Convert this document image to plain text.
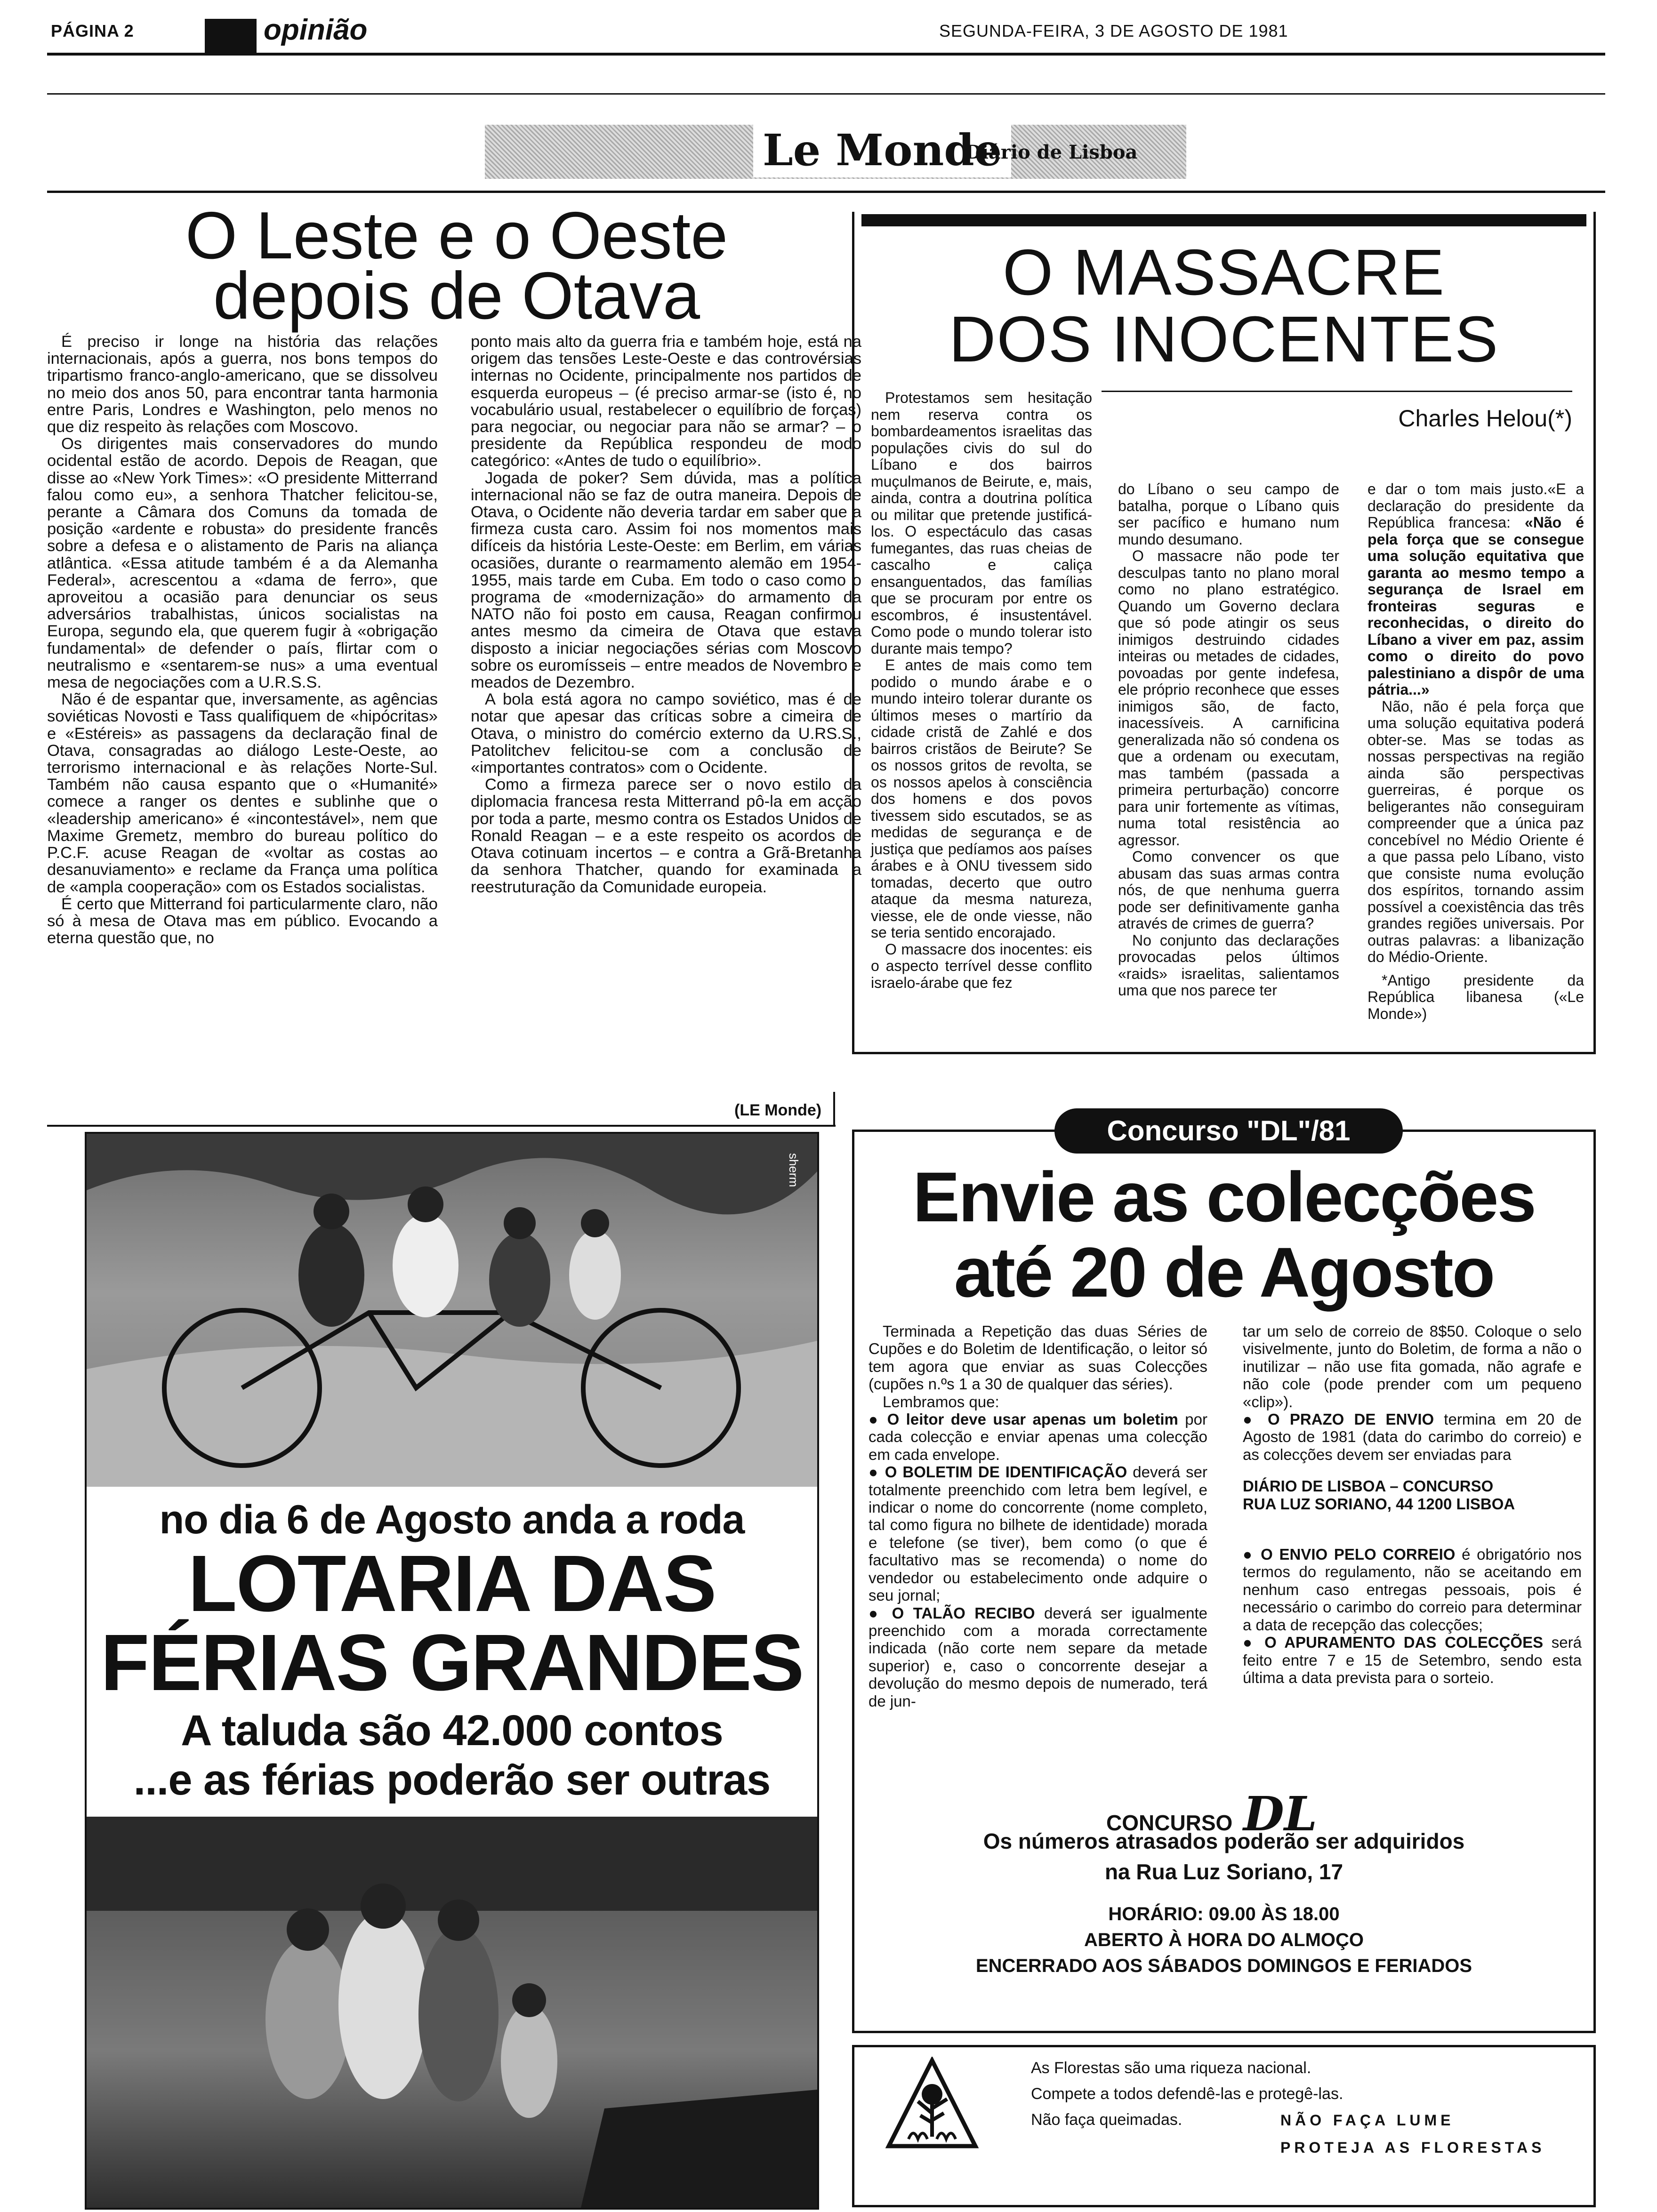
PÁGINA 2	opinião	SEGUNDA-FEIRA, 3 DE AGOSTO DE 1981
Le Monde
Diário de Lisboa
O Leste e o Oeste
depois de Otava

É preciso ir longe na história das relações internacionais, após a guerra, nos bons tempos do tripartismo franco-anglo-americano, que se dissolveu no meio dos anos 50, para encontrar tanta harmonia entre Paris, Londres e Washington, pelo menos no que diz respeito às relações com Moscovo.

Os dirigentes mais conservadores do mundo ocidental estão de acordo. Depois de Reagan, que disse ao «New York Times»: «O presidente Mitterrand falou como eu», a senhora Thatcher felicitou-se, perante a Câmara dos Comuns da tomada de posição «ardente e robusta» do presidente francês sobre a defesa e o alistamento de Paris na aliança atlântica. «Essa atitude também é a da Alemanha Federal», acrescentou a «dama de ferro», que aproveitou a ocasião para denunciar os seus adversários trabalhistas, únicos socialistas na Europa, segundo ela, que querem fugir à «obrigação fundamental» de defender o país, flirtar com o neutralismo e «sentarem-se nus» a uma eventual mesa de negociações com a U.R.S.S.

Não é de espantar que, inversamente, as agências soviéticas Novosti e Tass qualifiquem de «hipócritas» e «Estéreis» as passagens da declaração final de Otava, consagradas ao diálogo Leste-Oeste, ao terrorismo internacional e às relações Norte-Sul. Também não causa espanto que o «Humanité» comece a ranger os dentes e sublinhe que o «leadership americano» é «incontestável», nem que Maxime Gremetz, membro do bureau político do P.C.F. acuse Reagan de «voltar as costas ao desanuviamento» e reclame da França uma política de «ampla cooperação» com os Estados socialistas.

É certo que Mitterrand foi particularmente claro, não só à mesa de Otava mas em público. Evocando a eterna questão que, no

ponto mais alto da guerra fria e também hoje, está na origem das tensões Leste-Oeste e das controvérsias internas no Ocidente, principalmente nos partidos de esquerda europeus – (é preciso armar-se (isto é, no vocabulário usual, restabelecer o equilíbrio de forças) para negociar, ou negociar para não se armar? – o presidente da República respondeu de modo categórico: «Antes de tudo o equilíbrio».

Jogada de poker? Sem dúvida, mas a política internacional não se faz de outra maneira. Depois de Otava, o Ocidente não deveria tardar em saber que a firmeza custa caro. Assim foi nos momentos mais difíceis da história Leste-Oeste: em Berlim, em várias ocasiões, durante o rearmamento alemão em 1954-1955, mais tarde em Cuba. Em todo o caso como o programa de «modernização» do armamento da NATO não foi posto em causa, Reagan confirmou antes mesmo da cimeira de Otava que estava disposto a iniciar negociações sérias com Moscovo sobre os euromísseis – entre meados de Novembro e meados de Dezembro.

A bola está agora no campo soviético, mas é de notar que apesar das críticas sobre a cimeira de Otava, o ministro do comércio externo da U.RS.S., Patolitchev felicitou-se com a conclusão de «importantes contratos» com o Ocidente.

Como a firmeza parece ser o novo estilo da diplomacia francesa resta Mitterrand pô-la em acção por toda a parte, mesmo contra os Estados Unidos de Ronald Reagan – e a este respeito os acordos de Otava cotinuam incertos – e contra a Grã-Bretanha da senhora Thatcher, quando for examinada a reestruturação da Comunidade europeia.

(LE Monde)
O MASSACRE
DOS INOCENTES
Charles Helou(*)

Protestamos sem hesitação nem reserva contra os bombardeamentos israelitas das populações civis do sul do Líbano e dos bairros muçulmanos de Beirute, e, mais, ainda, contra a doutrina política ou militar que pretende justificá-los. O espectáculo das casas fumegantes, das ruas cheias de cascalho e caliça ensanguentados, das famílias que se procuram por entre os escombros, é insustentável. Como pode o mundo tolerar isto durante mais tempo?

E antes de mais como tem podido o mundo árabe e o mundo inteiro tolerar durante os últimos meses o martírio da cidade cristã de Zahlé e dos bairros cristãos de Beirute? Se os nossos gritos de revolta, se os nossos apelos à consciência dos homens e dos povos tivessem sido escutados, se as medidas de segurança e de justiça que pedíamos aos países árabes e à ONU tivessem sido tomadas, decerto que outro ataque da mesma natureza, viesse, ele de onde viesse, não se teria sentido encorajado.

O massacre dos inocentes: eis o aspecto terrível desse conflito israelo-árabe que fez

do Líbano o seu campo de batalha, porque o Líbano quis ser pacífico e humano num mundo desumano.

O massacre não pode ter desculpas tanto no plano moral como no plano estratégico. Quando um Governo declara que só pode atingir os seus inimigos destruindo cidades inteiras ou metades de cidades, povoadas por gente indefesa, ele próprio reconhece que esses inimigos são, de facto, inacessíveis. A carnificina generalizada não só condena os que a ordenam ou executam, mas também (passada a primeira perturbação) concorre para unir fortemente as vítimas, numa total resistência ao agressor.

Como convencer os que abusam das suas armas contra nós, de que nenhuma guerra pode ser definitivamente ganha através de crimes de guerra?

No conjunto das declarações provocadas pelos últimos «raids» israelitas, salientamos uma que nos parece ter

e dar o tom mais justo.«E a declaração do presidente da República francesa: «Não é pela força que se consegue uma solução equitativa que garanta ao mesmo tempo a segurança de Israel em fronteiras seguras e reconhecidas, o direito do Líbano a viver em paz, assim como o direito do povo palestiniano a dispôr de uma pátria...»

Não, não é pela força que uma solução equitativa poderá obter-se. Mas se todas as nossas perspectivas na região ainda são perspectivas guerreiras, é porque os beligerantes não conseguiram compreender que a única paz concebível no Médio Oriente é a que passa pelo Líbano, visto que consiste numa evolução dos espíritos, tornando assim possível a coexistência das três grandes regiões universais. Por outras palavras: a libanização do Médio-Oriente.

*Antigo presidente da República libanesa («Le Monde»)

sherm
no dia 6 de Agosto anda a roda
LOTARIA DAS
FÉRIAS GRANDES
A taluda são 42.000 contos
...e as férias poderão ser outras
Concurso "DL"/81
Envie as colecções
até 20 de Agosto

Terminada a Repetição das duas Séries de Cupões e do Boletim de Identificação, o leitor só tem agora que enviar as suas Colecções (cupões n.ºs 1 a 30 de qualquer das séries).

Lembramos que:

● O leitor deve usar apenas um boletim por cada colecção e enviar apenas uma colecção em cada envelope.

● O BOLETIM DE IDENTIFICAÇÃO deverá ser totalmente preenchido com letra bem legível, e indicar o nome do concorrente (nome completo, tal como figura no bilhete de identidade) morada e telefone (se tiver), bem como (o que é facultativo mas se recomenda) o nome do vendedor ou estabelecimento onde adquire o seu jornal;

● O TALÃO RECIBO deverá ser igualmente preenchido com a morada correctamente indicada (não corte nem separe da metade superior) e, caso o concorrente desejar a devolução do mesmo depois de numerado, terá de jun-

tar um selo de correio de 8$50. Coloque o selo visivelmente, junto do Boletim, de forma a não o inutilizar – não use fita gomada, não agrafe e não cole (pode prender com um pequeno «clip»).

● O PRAZO DE ENVIO termina em 20 de Agosto de 1981 (data do carimbo do correio) e as colecções devem ser enviadas para

DIÁRIO DE LISBOA – CONCURSO

RUA LUZ SORIANO, 44 1200 LISBOA

● O ENVIO PELO CORREIO é obrigatório nos termos do regulamento, não se aceitando em nenhum caso entregas pessoais, pois é necessário o carimbo do correio para determinar a data de recepção das colecções;

● O APURAMENTO DAS COLECÇÕES será feito entre 7 e 15 de Setembro, sendo esta última a data prevista para o sorteio.

CONCURSO DL
Os números atrasados poderão ser adquiridos
na Rua Luz Soriano, 17
HORÁRIO: 09.00 ÀS 18.00
ABERTO À HORA DO ALMOÇO
ENCERRADO AOS SÁBADOS DOMINGOS E FERIADOS
As Florestas são uma riqueza nacional.
Compete a todos defendê-las e protegê-las.
Não faça queimadas.	NÃO FAÇA LUME
PROTEJA AS FLORESTAS
